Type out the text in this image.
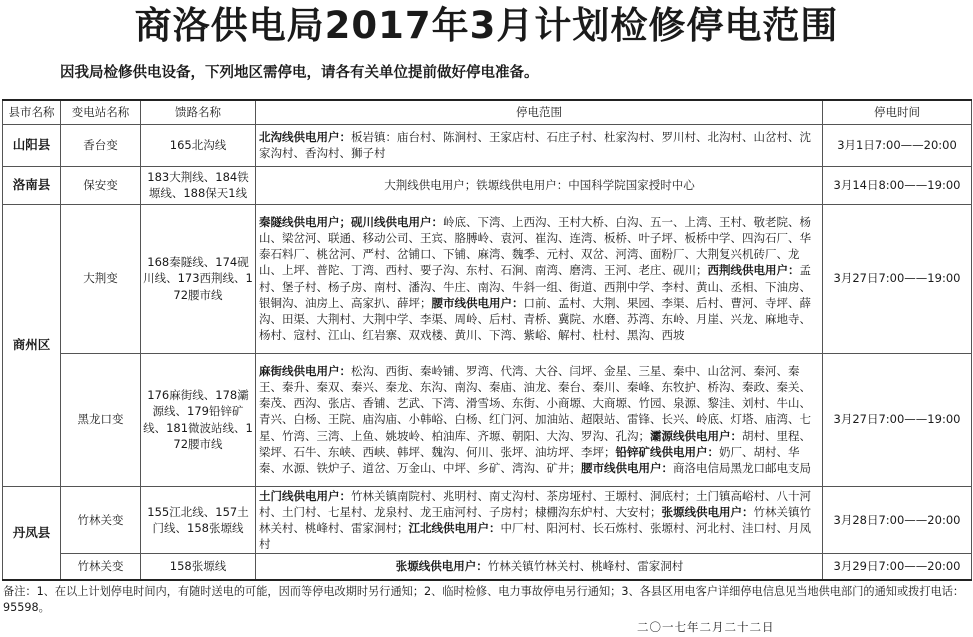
商洛供电局2017年3月计划检修停电范围
因我局检修供电设备，下列地区需停电，请各有关单位提前做好停电准备。
县市名称	变电站名称	馈路名称	停电范围	停电时间
山阳县	香台变	165北沟线	北沟线供电用户：板岩镇：庙台村、陈涧村、王家店村、石庄子村、杜家沟村、罗川村、北沟村、山岔村、沈家沟村、香沟村、狮子村	3月1日7:00——20:00
洛南县	保安变	183大荆线、184铁塬线、188保天1线	大荆线供电用户；铁塬线供电用户：中国科学院国家授时中心	3月14日8:00——19:00
商州区	大荆变	168秦隧线、174砚川线、173西荆线、172腰市线	秦隧线供电用户；砚川线供电用户：岭底、下湾、上西沟、王村大桥、白沟、五一、上湾、王村、敬老院、杨山、梁岔河、联通、移动公司、王宾、胳膊岭、袁河、崔沟、连湾、板桥、叶子坪、板桥中学、四沟石厂、华泰石料厂、桃岔河、严村、岔铺口、下铺、麻湾、魏季、元村、双岔、河湾、面粉厂、大荆复兴机砖厂、龙山、上坪、普陀、丁湾、西村、要子沟、东村、石涧、南湾、磨湾、王河、老庄、砚川；西荆线供电用户：孟村、堡子村、杨子房、南村、潘沟、牛庄、南沟、牛斜一组、街道、西荆中学、李村、黄山、丞相、下油房、银铜沟、油房上、高家扒、薛坪；腰市线供电用户：口前、孟村、大荆、果园、李渠、后村、曹河、寺坪、薛沟、田渠、大荆村、大荆中学、李渠、周岭、后村、青桥、冀院、水磨、苏湾、东岭、月崖、兴龙、麻地寺、杨村、寇村、江山、红岩寨、双戏楼、黄川、下湾、紫峪、解村、杜村、黑沟、西坡	3月27日7:00——19:00
	黑龙口变	176麻街线、178灞源线、179铅锌矿线、181微波站线、172腰市线	麻街线供电用户：松沟、西街、秦岭铺、罗湾、代湾、大谷、闫坪、金星、三星、秦中、山岔河、秦河、秦王、秦升、秦双、秦兴、秦龙、东沟、南沟、秦庙、油龙、秦台、秦川、秦峰、东牧护、桥沟、秦政、秦关、秦茂、西沟、张店、香铺、艺武、下湾、滑雪场、东街、小商塬、大商塬、竹园、泉源、黎洼、刘村、牛山、青兴、白杨、王院、庙沟庙、小韩峪、白杨、红门河、加油站、超限站、雷锋、长兴、岭底、灯塔、庙湾、七星、竹湾、三湾、上鱼、姚坡岭、柏油库、齐塬、朝阳、大沟、罗沟、孔沟；灞源线供电用户：胡村、里程、梁坪、石牛、东峡、西峡、韩坪、魏沟、何川、张坪、油坊坪、李坪；铅锌矿线供电用户：奶厂、胡村、华秦、水源、铁炉子、道岔、万金山、中坪、乡矿、湾沟、矿井；腰市线供电用户：商洛电信局黑龙口邮电支局	3月27日7:00——19:00
丹凤县	竹林关变	155江北线、157土门线、158张塬线	土门线供电用户：竹林关镇南院村、兆明村、南丈沟村、茶房垭村、王塬村、洞底村；土门镇高峪村、八十河村、土门村、七星村、龙泉村、龙王庙河村、子房村；棣棚沟东炉村、大安村；张塬线供电用户：竹林关镇竹林关村、桃峰村、雷家洞村；江北线供电用户：中厂村、阳河村、长石炼村、张塬村、河北村、洼口村、月凤村	3月28日7:00——20:00
	竹林关变	158张塬线	张塬线供电用户：竹林关镇竹林关村、桃峰村、雷家洞村	3月29日7:00——20:00
备注：1、在以上计划停电时间内，有随时送电的可能，因而等停电改期时另行通知；2、临时检修、电力事故停电另行通知；3、各县区用电客户详细停电信息见当地供电部门的通知或拨打电话：95598。
二〇一七年二月二十二日
